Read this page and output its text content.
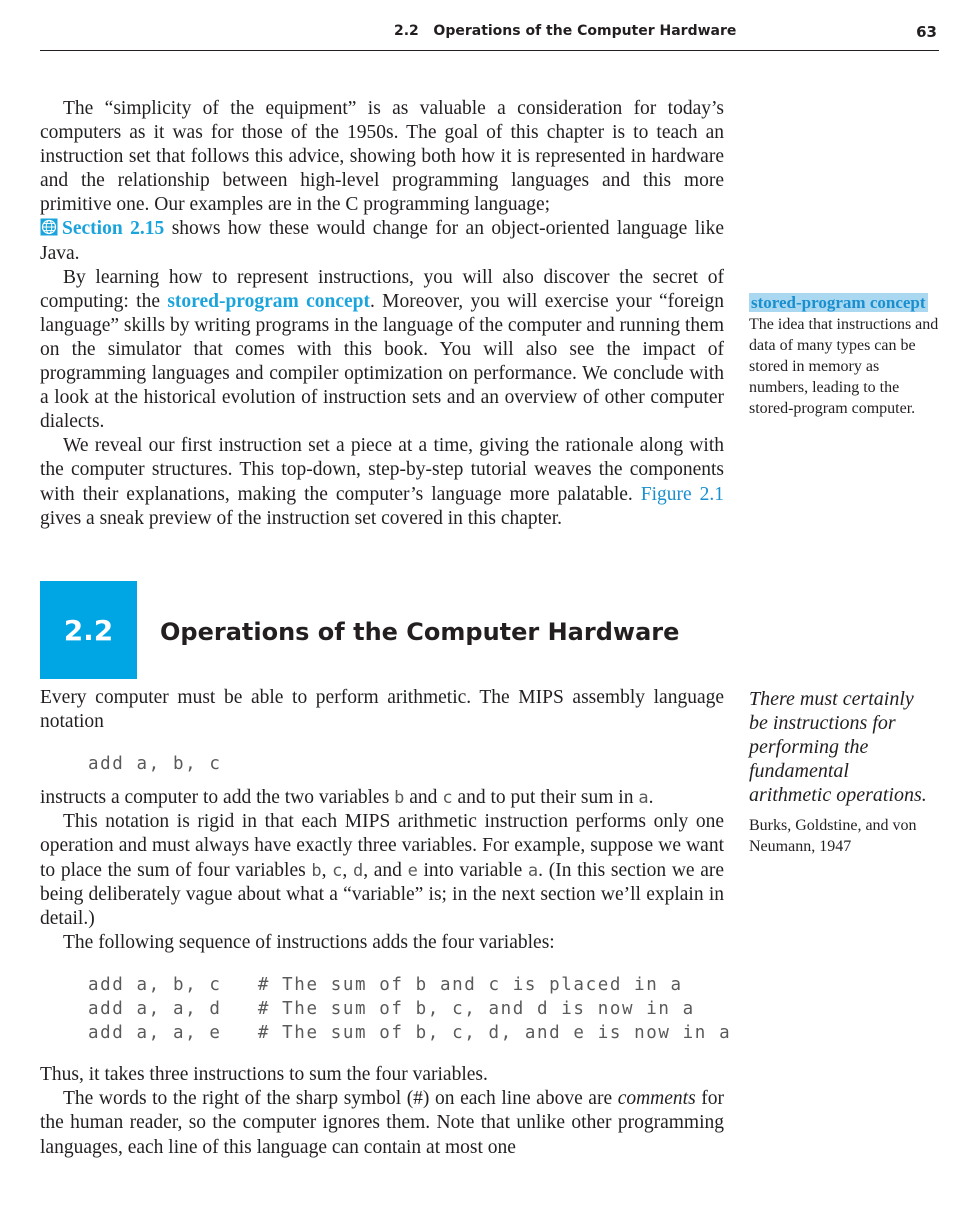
2.2   Operations of the Computer Hardware	63

The “simplicity of the equipment” is as valuable a consideration for today’s computers as it was for those of the 1950s. The goal of this chapter is to teach an instruction set that follows this advice, showing both how it is represented in hardware and the relationship between high-level programming languages and this more primitive one. Our examples are in the C programming language;
Section 2.15 shows how these would change for an object-oriented language like Java.

By learning how to represent instructions, you will also discover the secret of computing: the stored-program concept. Moreover, you will exercise your “foreign language” skills by writing programs in the language of the computer and running them on the simulator that comes with this book. You will also see the impact of programming languages and compiler optimization on performance. We conclude with a look at the historical evolution of instruction sets and an overview of other computer dialects.

We reveal our first instruction set a piece at a time, giving the rationale along with the computer structures. This top-down, step-by-step tutorial weaves the components with their explanations, making the computer’s language more palatable. Figure 2.1 gives a sneak preview of the instruction set covered in this chapter.

stored-program concept The idea that instructions and data of many types can be stored in memory as numbers, leading to the stored-program computer.
2.2	Operations of the Computer Hardware

Every computer must be able to perform arithmetic. The MIPS assembly language notation

add a, b, c

instructs a computer to add the two variables b and c and to put their sum in a.

This notation is rigid in that each MIPS arithmetic instruction performs only one operation and must always have exactly three variables. For example, suppose we want to place the sum of four variables b, c, d, and e into variable a. (In this section we are being deliberately vague about what a “variable” is; in the next section we’ll explain in detail.)

The following sequence of instructions adds the four variables:

add a, b, c   # The sum of b and c is placed in a
add a, a, d   # The sum of b, c, and d is now in a
add a, a, e   # The sum of b, c, d, and e is now in a

Thus, it takes three instructions to sum the four variables.

The words to the right of the sharp symbol (#) on each line above are comments for the human reader, so the computer ignores them. Note that unlike other programming languages, each line of this language can contain at most one

There must certainly be instructions for performing the fundamental arithmetic operations.
Burks, Goldstine, and von Neumann, 1947
